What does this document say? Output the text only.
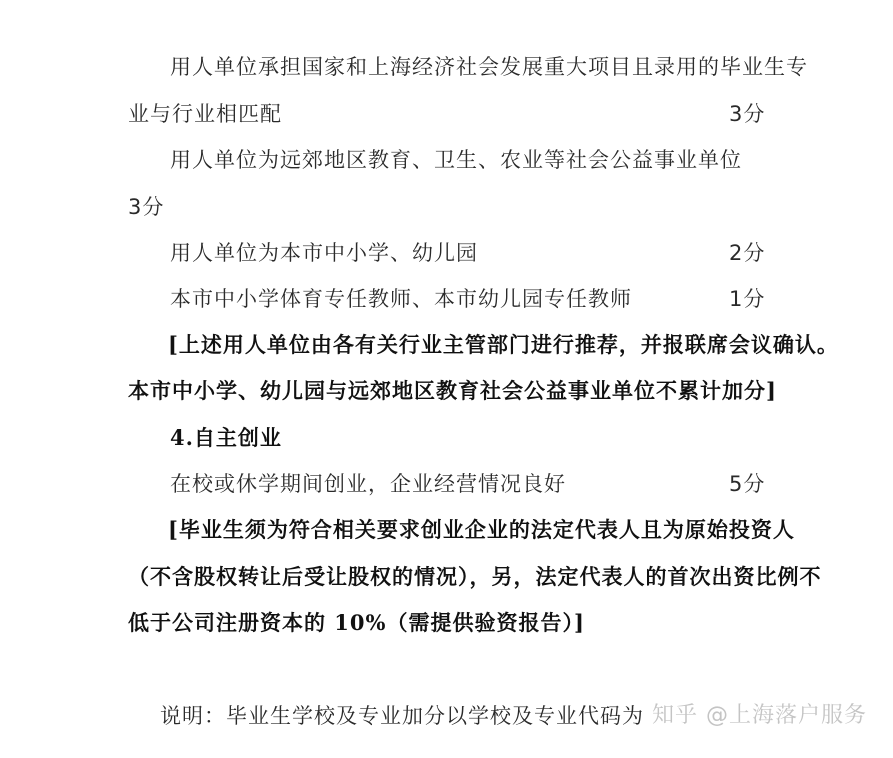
用人单位承担国家和上海经济社会发展重大项目且录用的毕业生专
业与行业相匹配	3分
用人单位为远郊地区教育、卫生、农业等社会公益事业单位
3分
用人单位为本市中小学、幼儿园	2分
本市中小学体育专任教师、本市幼儿园专任教师	1分
[上述用人单位由各有关行业主管部门进行推荐，并报联席会议确认。
本市中小学、幼儿园与远郊地区教育社会公益事业单位不累计加分]
4.自主创业
在校或休学期间创业，企业经营情况良好	5分
[毕业生须为符合相关要求创业企业的法定代表人且为原始投资人
（不含股权转让后受让股权的情况），另，法定代表人的首次出资比例不
低于公司注册资本的 10%（需提供验资报告）]
说明：毕业生学校及专业加分以学校及专业代码为 知乎 @上海落户服务
